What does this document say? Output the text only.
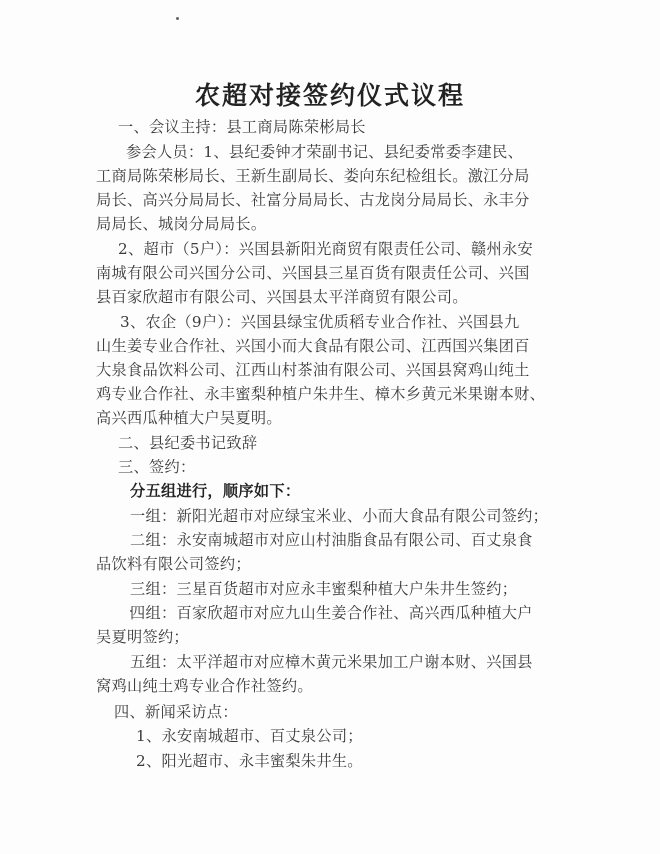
农超对接签约仪式议程
一、会议主持：县工商局陈荣彬局长
参会人员：1、县纪委钟才荣副书记、县纪委常委李建民、
工商局陈荣彬局长、王新生副局长、娄向东纪检组长。激江分局
局长、高兴分局局长、社富分局局长、古龙岗分局局长、永丰分
局局长、城岗分局局长。
2、超市（5户）：兴国县新阳光商贸有限责任公司、赣州永安
南城有限公司兴国分公司、兴国县三星百货有限责任公司、兴国
县百家欣超市有限公司、兴国县太平洋商贸有限公司。
3、农企（9户）：兴国县绿宝优质稻专业合作社、兴国县九
山生姜专业合作社、兴国小而大食品有限公司、江西国兴集团百
大泉食品饮料公司、江西山村茶油有限公司、兴国县窝鸡山纯土
鸡专业合作社、永丰蜜梨种植户朱井生、樟木乡黄元米果谢本财、
高兴西瓜种植大户吴夏明。
二、县纪委书记致辞
三、签约：
分五组进行，顺序如下：
一组：新阳光超市对应绿宝米业、小而大食品有限公司签约；
二组：永安南城超市对应山村油脂食品有限公司、百丈泉食
品饮料有限公司签约；
三组：三星百货超市对应永丰蜜梨种植大户朱井生签约；
四组：百家欣超市对应九山生姜合作社、高兴西瓜种植大户
吴夏明签约；
五组：太平洋超市对应樟木黄元米果加工户谢本财、兴国县
窝鸡山纯土鸡专业合作社签约。
四、新闻采访点：
1、永安南城超市、百丈泉公司；
2、阳光超市、永丰蜜梨朱井生。
